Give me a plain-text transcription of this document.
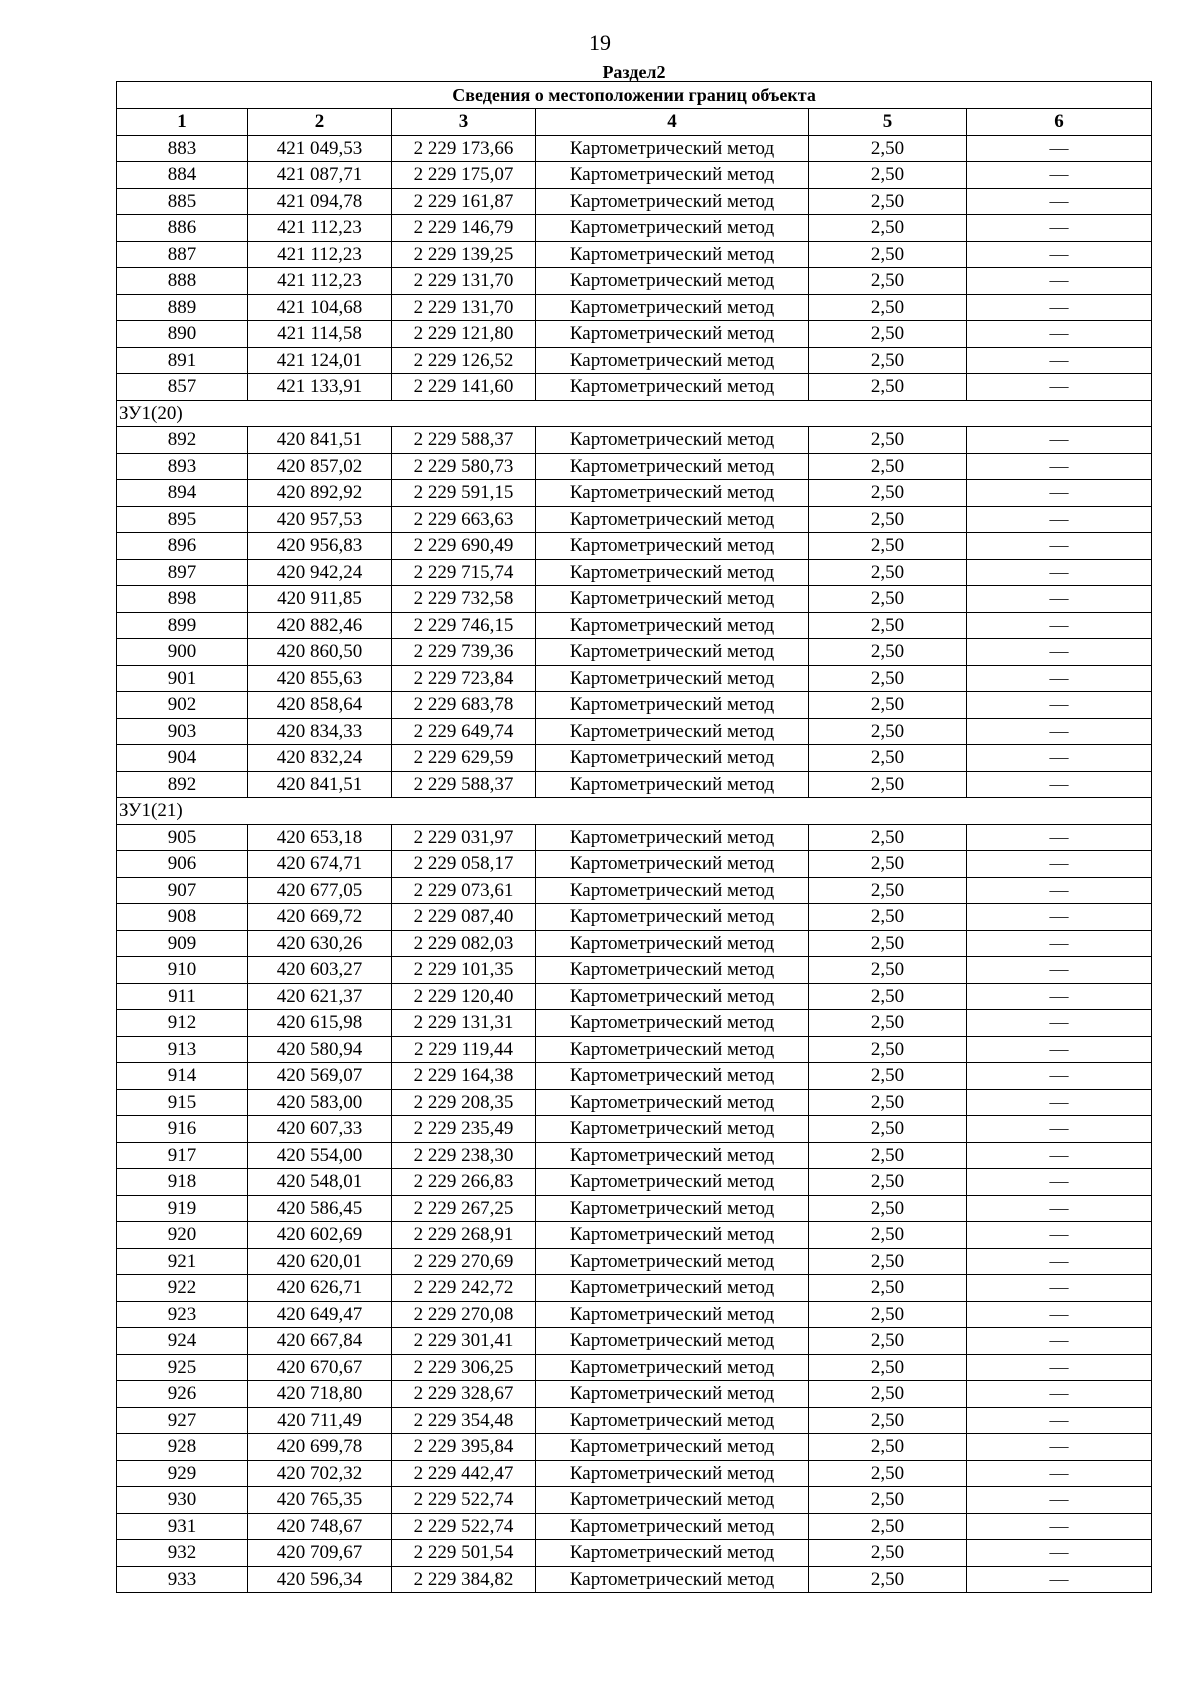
19
Раздел2
Сведения о местоположении границ объекта					
1	2	3	4	5	6
883	421 049,53	2 229 173,66	Картометрический метод	2,50	—
884	421 087,71	2 229 175,07	Картометрический метод	2,50	—
885	421 094,78	2 229 161,87	Картометрический метод	2,50	—
886	421 112,23	2 229 146,79	Картометрический метод	2,50	—
887	421 112,23	2 229 139,25	Картометрический метод	2,50	—
888	421 112,23	2 229 131,70	Картометрический метод	2,50	—
889	421 104,68	2 229 131,70	Картометрический метод	2,50	—
890	421 114,58	2 229 121,80	Картометрический метод	2,50	—
891	421 124,01	2 229 126,52	Картометрический метод	2,50	—
857	421 133,91	2 229 141,60	Картометрический метод	2,50	—
ЗУ1(20)					
892	420 841,51	2 229 588,37	Картометрический метод	2,50	—
893	420 857,02	2 229 580,73	Картометрический метод	2,50	—
894	420 892,92	2 229 591,15	Картометрический метод	2,50	—
895	420 957,53	2 229 663,63	Картометрический метод	2,50	—
896	420 956,83	2 229 690,49	Картометрический метод	2,50	—
897	420 942,24	2 229 715,74	Картометрический метод	2,50	—
898	420 911,85	2 229 732,58	Картометрический метод	2,50	—
899	420 882,46	2 229 746,15	Картометрический метод	2,50	—
900	420 860,50	2 229 739,36	Картометрический метод	2,50	—
901	420 855,63	2 229 723,84	Картометрический метод	2,50	—
902	420 858,64	2 229 683,78	Картометрический метод	2,50	—
903	420 834,33	2 229 649,74	Картометрический метод	2,50	—
904	420 832,24	2 229 629,59	Картометрический метод	2,50	—
892	420 841,51	2 229 588,37	Картометрический метод	2,50	—
ЗУ1(21)					
905	420 653,18	2 229 031,97	Картометрический метод	2,50	—
906	420 674,71	2 229 058,17	Картометрический метод	2,50	—
907	420 677,05	2 229 073,61	Картометрический метод	2,50	—
908	420 669,72	2 229 087,40	Картометрический метод	2,50	—
909	420 630,26	2 229 082,03	Картометрический метод	2,50	—
910	420 603,27	2 229 101,35	Картометрический метод	2,50	—
911	420 621,37	2 229 120,40	Картометрический метод	2,50	—
912	420 615,98	2 229 131,31	Картометрический метод	2,50	—
913	420 580,94	2 229 119,44	Картометрический метод	2,50	—
914	420 569,07	2 229 164,38	Картометрический метод	2,50	—
915	420 583,00	2 229 208,35	Картометрический метод	2,50	—
916	420 607,33	2 229 235,49	Картометрический метод	2,50	—
917	420 554,00	2 229 238,30	Картометрический метод	2,50	—
918	420 548,01	2 229 266,83	Картометрический метод	2,50	—
919	420 586,45	2 229 267,25	Картометрический метод	2,50	—
920	420 602,69	2 229 268,91	Картометрический метод	2,50	—
921	420 620,01	2 229 270,69	Картометрический метод	2,50	—
922	420 626,71	2 229 242,72	Картометрический метод	2,50	—
923	420 649,47	2 229 270,08	Картометрический метод	2,50	—
924	420 667,84	2 229 301,41	Картометрический метод	2,50	—
925	420 670,67	2 229 306,25	Картометрический метод	2,50	—
926	420 718,80	2 229 328,67	Картометрический метод	2,50	—
927	420 711,49	2 229 354,48	Картометрический метод	2,50	—
928	420 699,78	2 229 395,84	Картометрический метод	2,50	—
929	420 702,32	2 229 442,47	Картометрический метод	2,50	—
930	420 765,35	2 229 522,74	Картометрический метод	2,50	—
931	420 748,67	2 229 522,74	Картометрический метод	2,50	—
932	420 709,67	2 229 501,54	Картометрический метод	2,50	—
933	420 596,34	2 229 384,82	Картометрический метод	2,50	—
